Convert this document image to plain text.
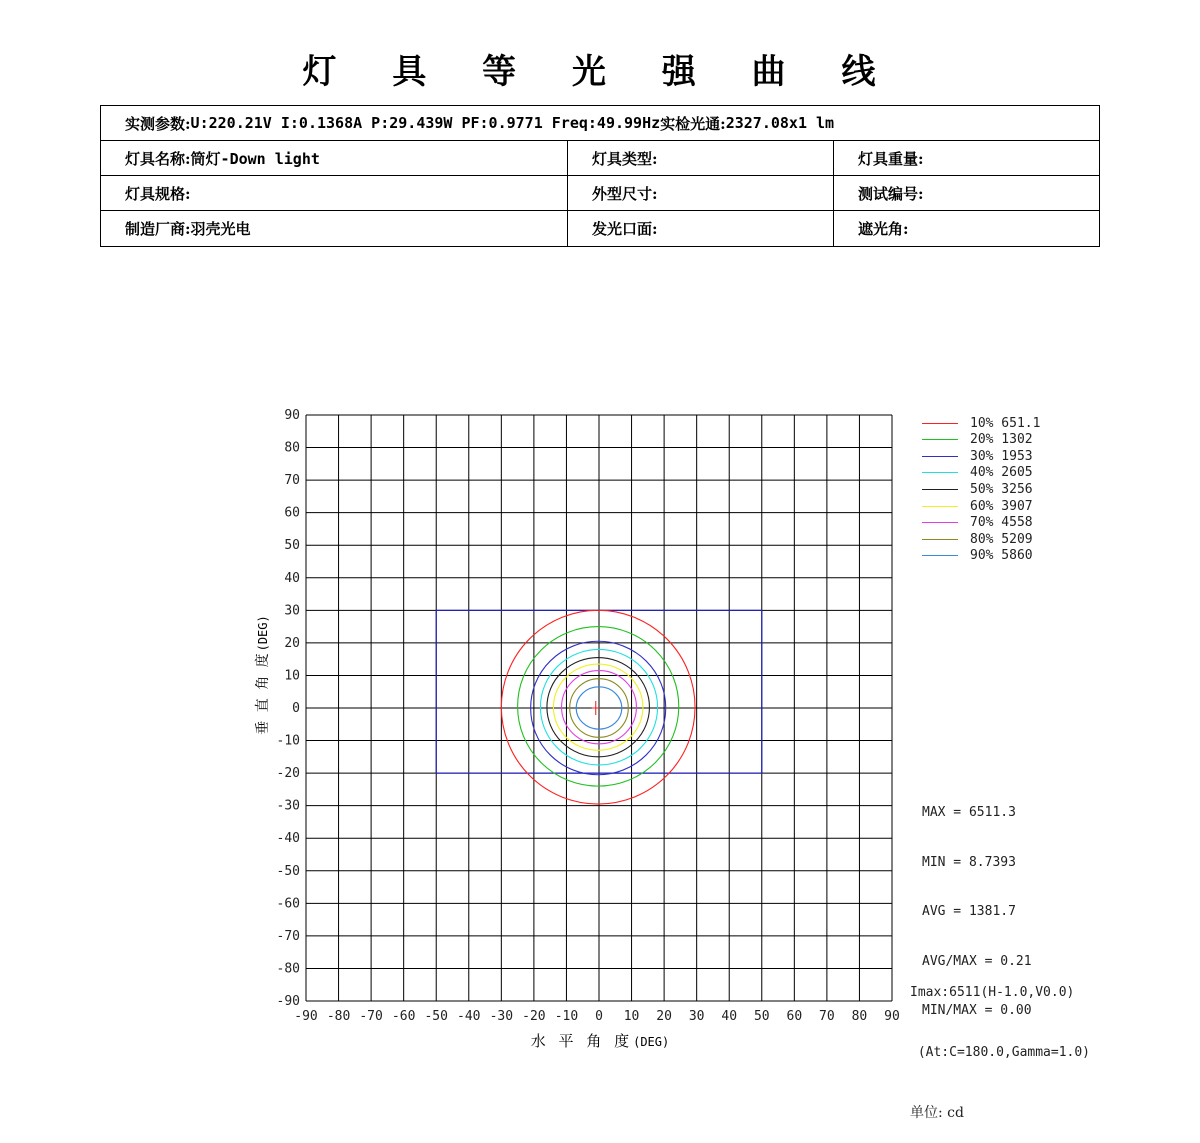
灯 具 等 光 强 曲 线
实测参数: U:220.21V I:0.1368A P:29.439W PF:0.9771 Freq:49.99Hz 实检光通: 2327.08x1 lm
灯具名称: 筒灯-Down light	灯具类型:	灯具重量:
灯具规格:	外型尺寸:	测试编号:
制造厂商: 羽壳光电	发光口面:	遮光角:
90
80
70
60
50
40
30
20
10
0
-10
-20
-30
-40
-50
-60
-70
-80
-90
-90 -80 -70 -60 -50 -40 -30 -20 -10 0 10 20 30 40 50 60 70 80 90
垂 直 角 度(DEG)
水 平 角 度(DEG)
10% 651.1
20% 1302
30% 1953
40% 2605
50% 3256
60% 3907
70% 4558
80% 5209
90% 5860

MAX = 6511.3

MIN = 8.7393

AVG = 1381.7

AVG/MAX = 0.21

MIN/MAX = 0.00

Imax:6511(H-1.0,V0.0)

(At:C=180.0,Gamma=1.0)

单位: cd
